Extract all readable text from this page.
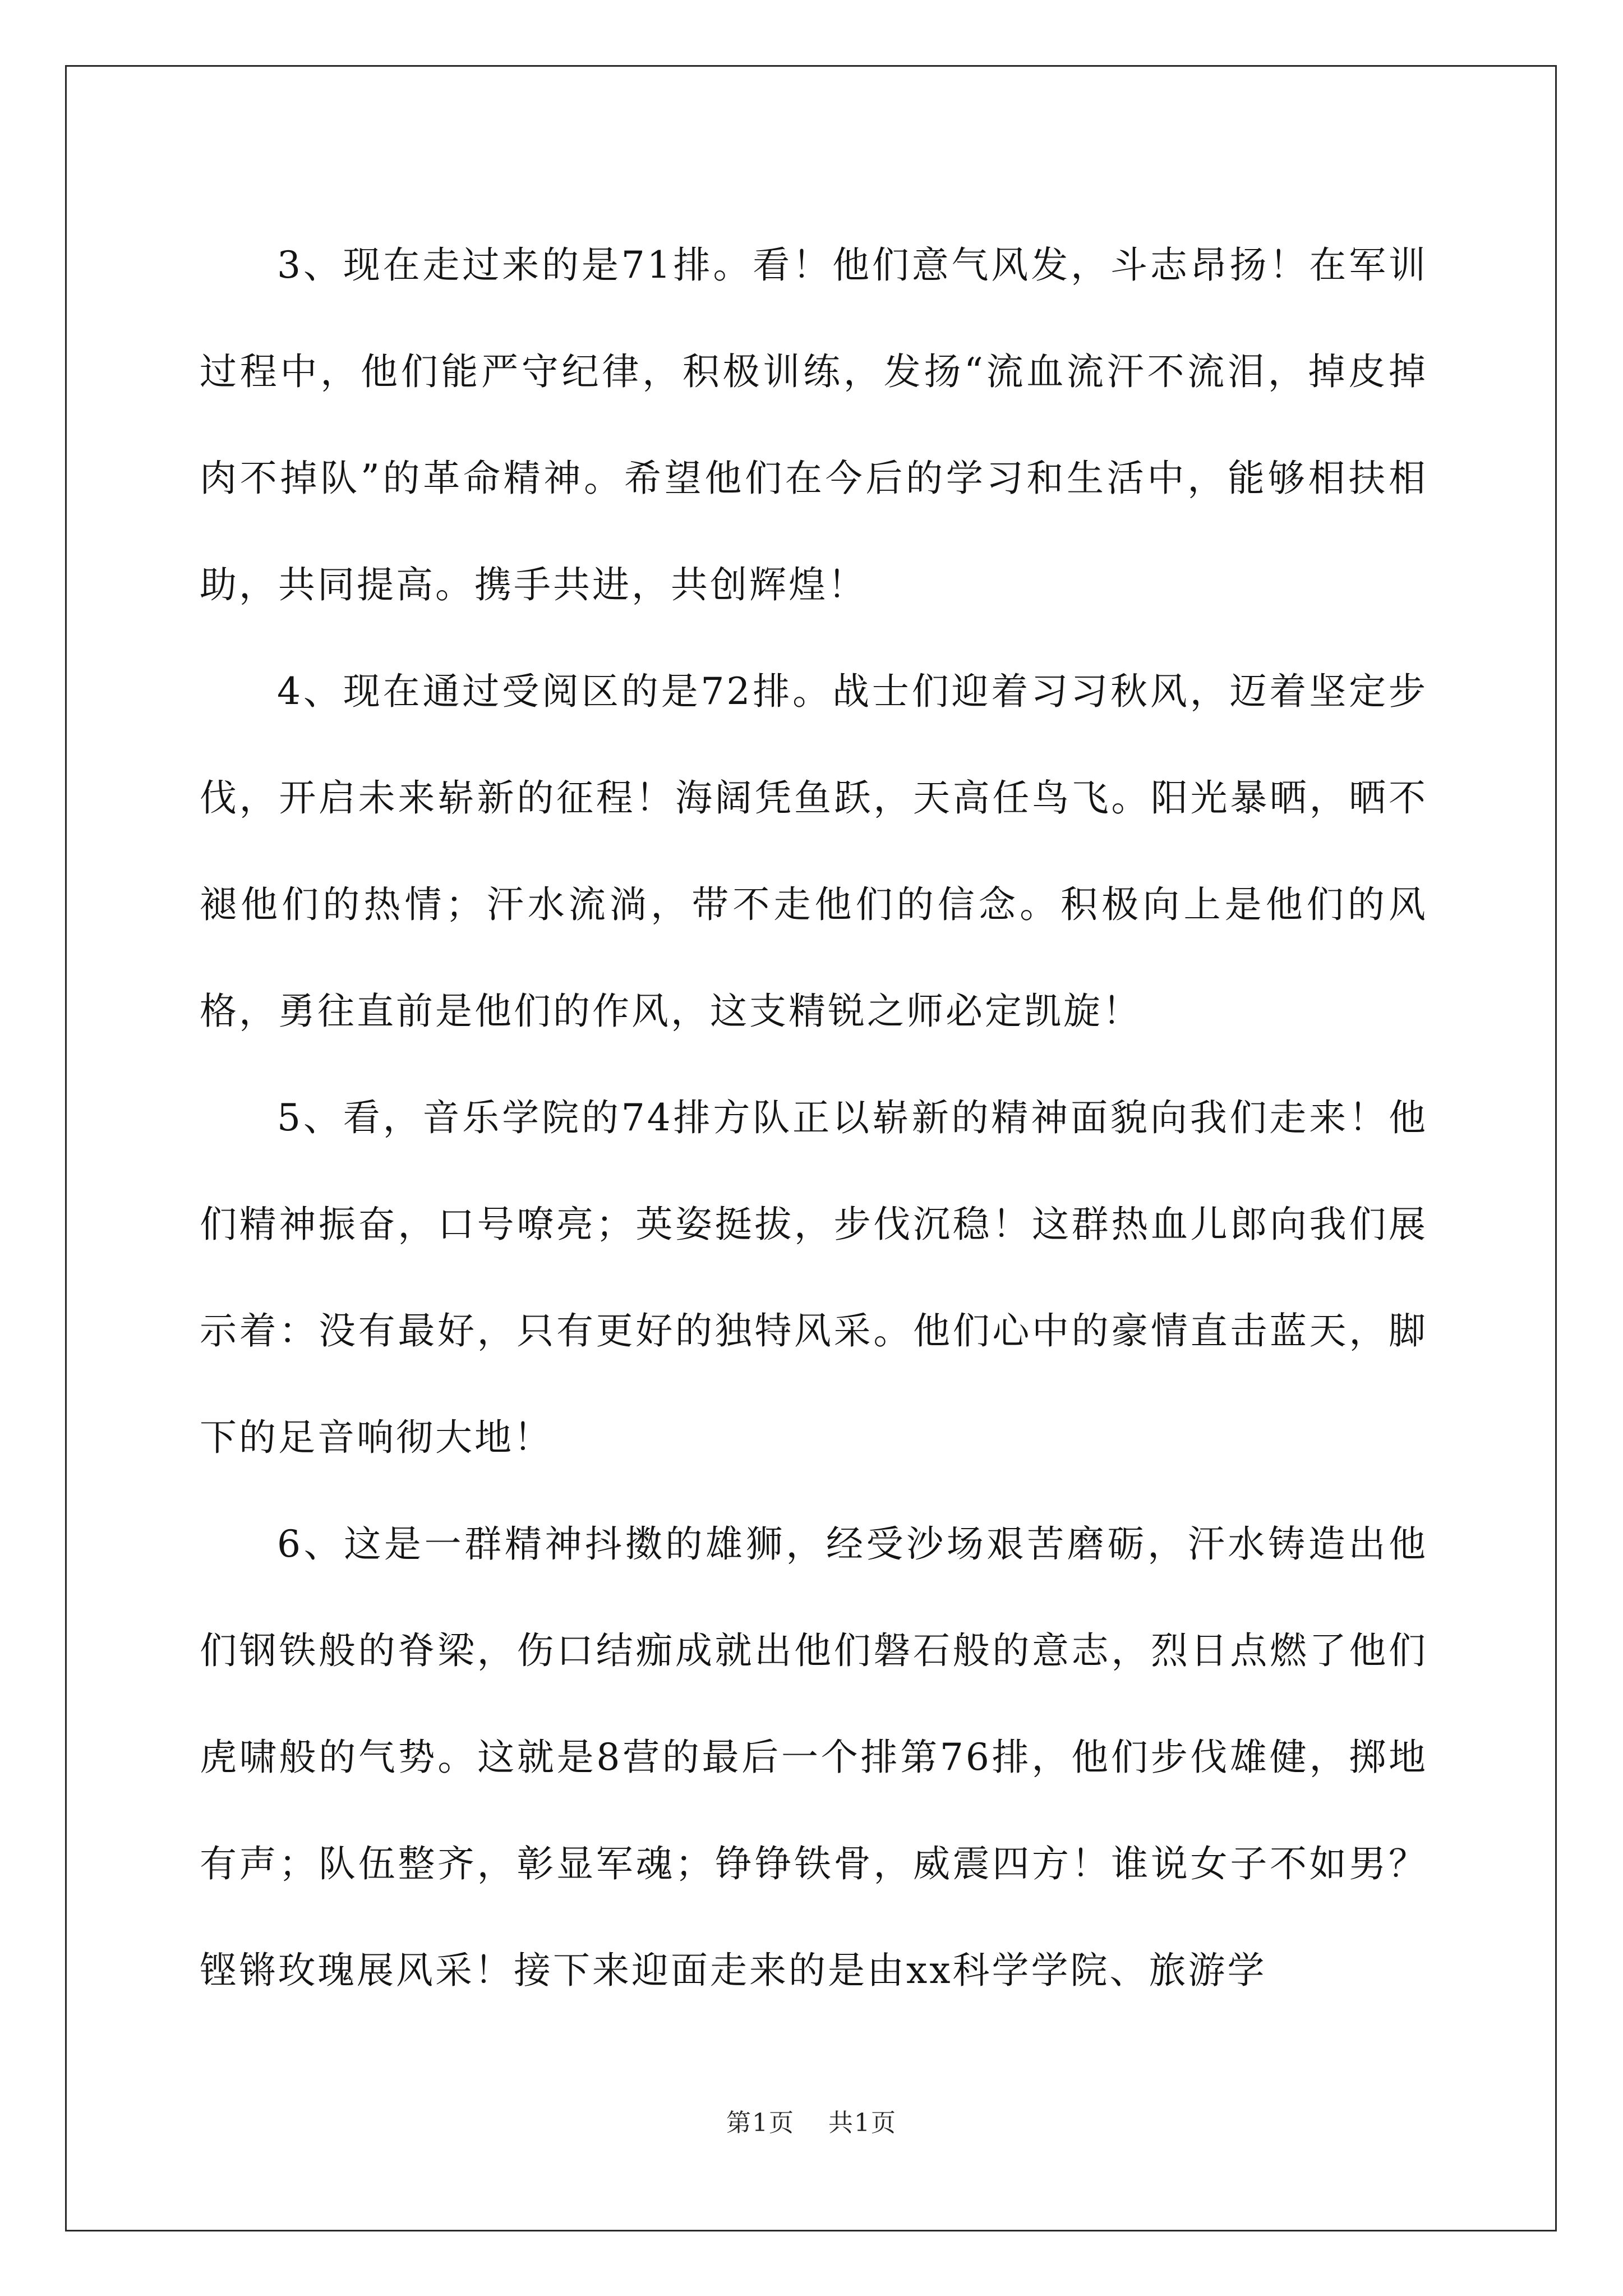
3、现在走过来的是71排。看！他们意气风发，斗志昂扬！在军训过程中，他们能严守纪律，积极训练，发扬“流血流汗不流泪，掉皮掉肉不掉队”的革命精神。希望他们在今后的学习和生活中，能够相扶相助，共同提高。携手共进，共创辉煌！

4、现在通过受阅区的是72排。战士们迎着习习秋风，迈着坚定步伐，开启未来崭新的征程！海阔凭鱼跃，天高任鸟飞。阳光暴晒，晒不褪他们的热情；汗水流淌，带不走他们的信念。积极向上是他们的风格，勇往直前是他们的作风，这支精锐之师必定凯旋！

5、看，音乐学院的74排方队正以崭新的精神面貌向我们走来！他们精神振奋，口号嘹亮；英姿挺拔，步伐沉稳！这群热血儿郎向我们展示着：没有最好，只有更好的独特风采。他们心中的豪情直击蓝天，脚下的足音响彻大地！

6、这是一群精神抖擞的雄狮，经受沙场艰苦磨砺，汗水铸造出他们钢铁般的脊梁，伤口结痂成就出他们磐石般的意志，烈日点燃了他们虎啸般的气势。这就是8营的最后一个排第76排，他们步伐雄健，掷地有声；队伍整齐，彰显军魂；铮铮铁骨，威震四方！谁说女子不如男？铿锵玫瑰展风采！接下来迎面走来的是由xx科学学院、旅游学

第1页 共1页
